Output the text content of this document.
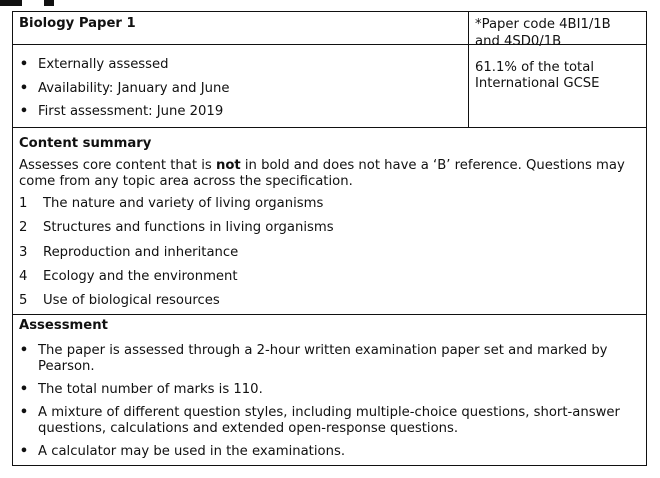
Biology Paper 1	*Paper code 4BI1/1B and 4SD0/1B
• Externally assessed
• Availability: January and June
• First assessment: June 2019
61.1% of the total International GCSE
Content summary
Assesses core content that is not in bold and does not have a ‘B’ reference. Questions may come from any topic area across the specification.
1	The nature and variety of living organisms
2	Structures and functions in living organisms
3	Reproduction and inheritance
4	Ecology and the environment
5	Use of biological resources
Assessment
• The paper is assessed through a 2-hour written examination paper set and marked by Pearson.
• The total number of marks is 110.
• A mixture of different question styles, including multiple-choice questions, short-answer questions, calculations and extended open-response questions.
• A calculator may be used in the examinations.
